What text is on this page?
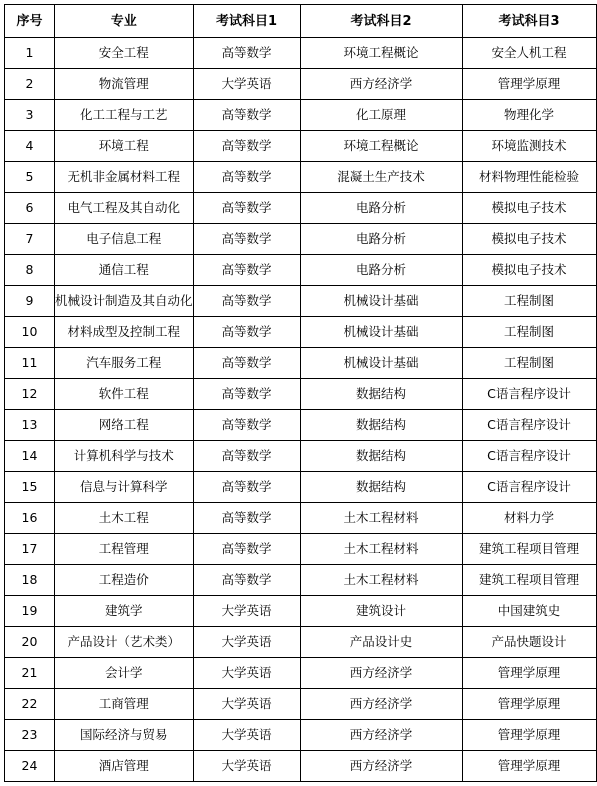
序号	专业	考试科目1	考试科目2	考试科目3
1	安全工程	高等数学	环境工程概论	安全人机工程
2	物流管理	大学英语	西方经济学	管理学原理
3	化工工程与工艺	高等数学	化工原理	物理化学
4	环境工程	高等数学	环境工程概论	环境监测技术
5	无机非金属材料工程	高等数学	混凝土生产技术	材料物理性能检验
6	电气工程及其自动化	高等数学	电路分析	模拟电子技术
7	电子信息工程	高等数学	电路分析	模拟电子技术
8	通信工程	高等数学	电路分析	模拟电子技术
9	机械设计制造及其自动化	高等数学	机械设计基础	工程制图
10	材料成型及控制工程	高等数学	机械设计基础	工程制图
11	汽车服务工程	高等数学	机械设计基础	工程制图
12	软件工程	高等数学	数据结构	C语言程序设计
13	网络工程	高等数学	数据结构	C语言程序设计
14	计算机科学与技术	高等数学	数据结构	C语言程序设计
15	信息与计算科学	高等数学	数据结构	C语言程序设计
16	土木工程	高等数学	土木工程材料	材料力学
17	工程管理	高等数学	土木工程材料	建筑工程项目管理
18	工程造价	高等数学	土木工程材料	建筑工程项目管理
19	建筑学	大学英语	建筑设计	中国建筑史
20	产品设计（艺术类）	大学英语	产品设计史	产品快题设计
21	会计学	大学英语	西方经济学	管理学原理
22	工商管理	大学英语	西方经济学	管理学原理
23	国际经济与贸易	大学英语	西方经济学	管理学原理
24	酒店管理	大学英语	西方经济学	管理学原理
